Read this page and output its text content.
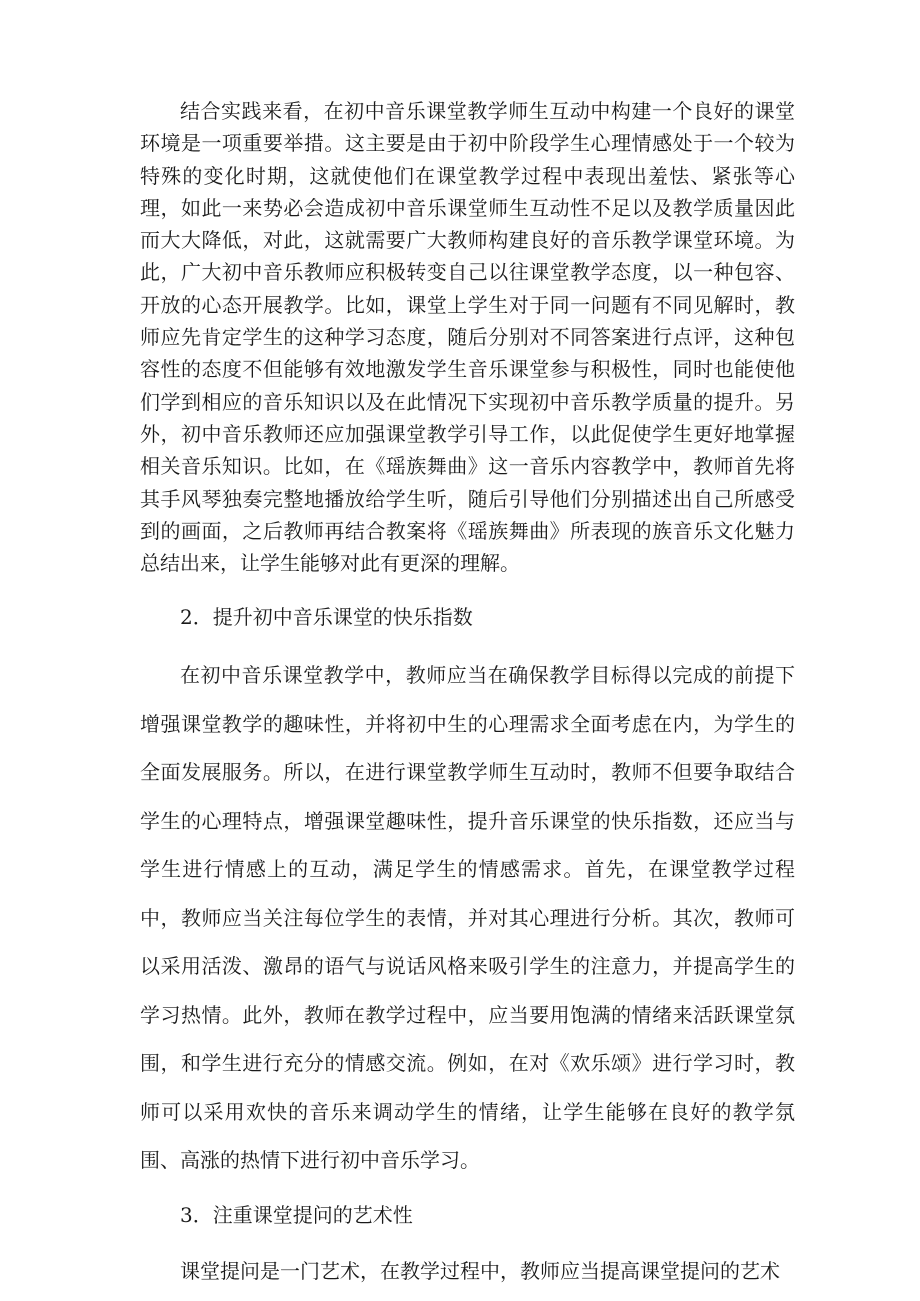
结合实践来看，在初中音乐课堂教学师生互动中构建一个良好的课堂环境是一项重要举措。这主要是由于初中阶段学生心理情感处于一个较为特殊的变化时期，这就使他们在课堂教学过程中表现出羞怯、紧张等心理，如此一来势必会造成初中音乐课堂师生互动性不足以及教学质量因此而大大降低，对此，这就需要广大教师构建良好的音乐教学课堂环境。为此，广大初中音乐教师应积极转变自己以往课堂教学态度，以一种包容、开放的心态开展教学。比如，课堂上学生对于同一问题有不同见解时，教师应先肯定学生的这种学习态度，随后分别对不同答案进行点评，这种包容性的态度不但能够有效地激发学生音乐课堂参与积极性，同时也能使他们学到相应的音乐知识以及在此情况下实现初中音乐教学质量的提升。另外，初中音乐教师还应加强课堂教学引导工作，以此促使学生更好地掌握相关音乐知识。比如，在《瑶族舞曲》这一音乐内容教学中，教师首先将其手风琴独奏完整地播放给学生听，随后引导他们分别描述出自己所感受到的画面，之后教师再结合教案将《瑶族舞曲》所表现的族音乐文化魅力总结出来，让学生能够对此有更深的理解。

2．提升初中音乐课堂的快乐指数

在初中音乐课堂教学中，教师应当在确保教学目标得以完成的前提下增强课堂教学的趣味性，并将初中生的心理需求全面考虑在内，为学生的全面发展服务。所以，在进行课堂教学师生互动时，教师不但要争取结合学生的心理特点，增强课堂趣味性，提升音乐课堂的快乐指数，还应当与学生进行情感上的互动，满足学生的情感需求。首先，在课堂教学过程中，教师应当关注每位学生的表情，并对其心理进行分析。其次，教师可以采用活泼、激昂的语气与说话风格来吸引学生的注意力，并提高学生的学习热情。此外，教师在教学过程中，应当要用饱满的情绪来活跃课堂氛围，和学生进行充分的情感交流。例如，在对《欢乐颂》进行学习时，教师可以采用欢快的音乐来调动学生的情绪，让学生能够在良好的教学氛围、高涨的热情下进行初中音乐学习。

3．注重课堂提问的艺术性

课堂提问是一门艺术，在教学过程中，教师应当提高课堂提问的艺术
